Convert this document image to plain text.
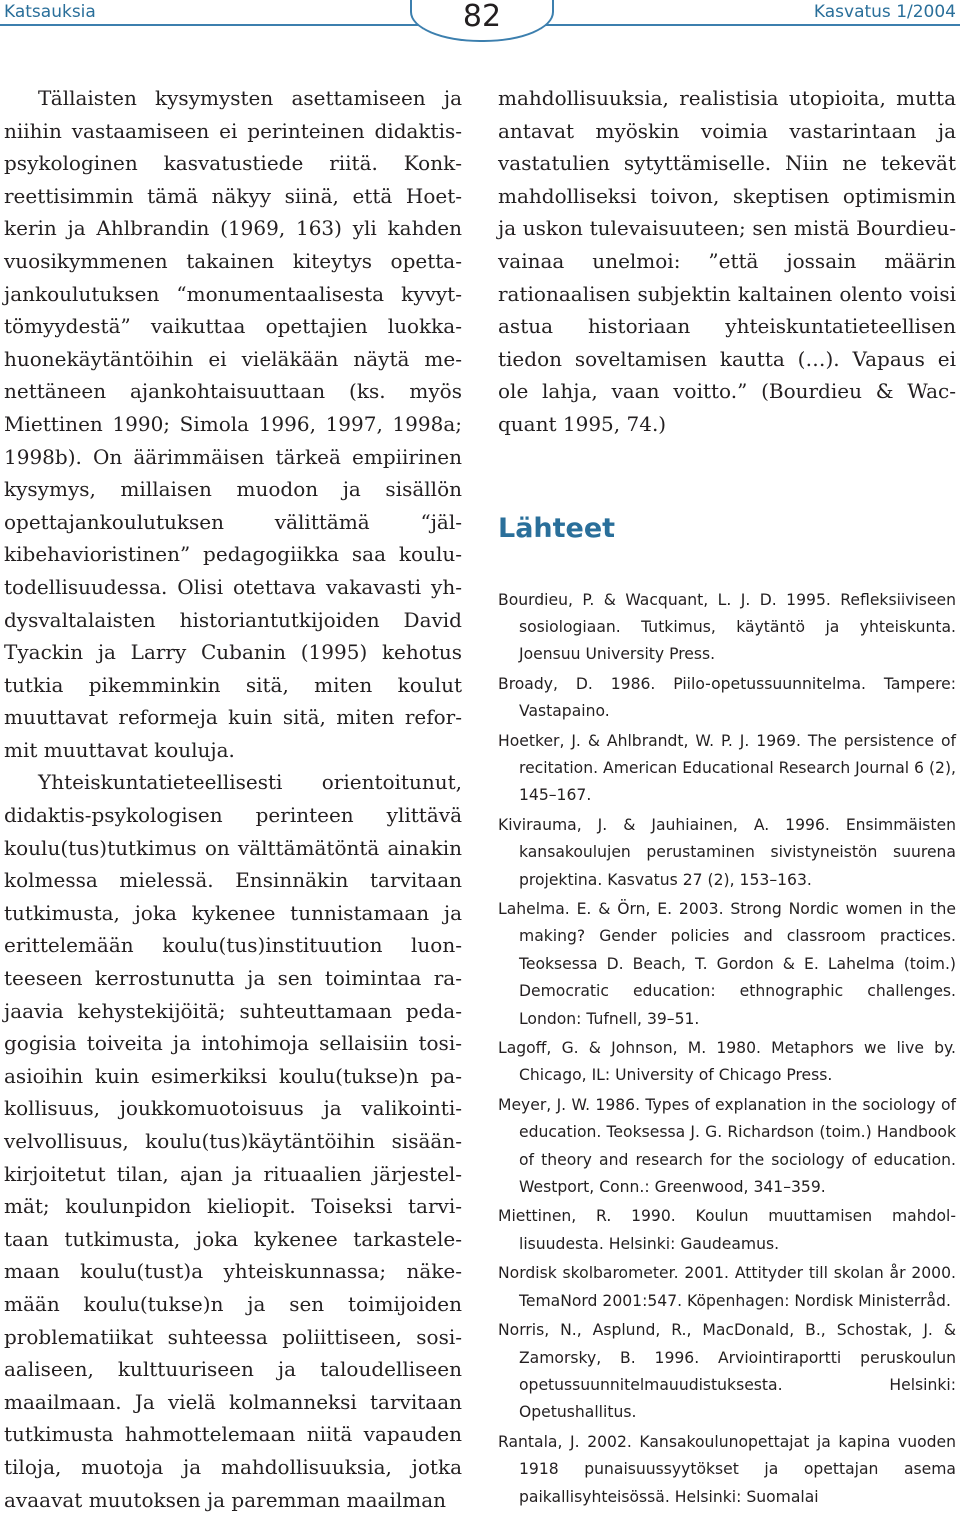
Katsauksia	82	Kasvatus 1/2004

Tällaisten kysymysten asettamiseen ja niihin vastaamiseen ei perinteinen didaktis-psykologinen kasvatustiede riitä. Konkreettisimmin tämä näkyy siinä, että Hoetkerin ja Ahlbrandin (1969, 163) yli kahden vuosikymmenen takainen kiteytys opettajankoulutuksen “monumentaalisesta kyvyttömyydestä” vaikuttaa opettajien luokkahuonekäytäntöihin ei vieläkään näytä menettäneen ajankohtaisuuttaan (ks. myös Miettinen 1990; Simola 1996, 1997, 1998a; 1998b). On äärimmäisen tärkeä empiirinen kysymys, millaisen muodon ja sisällön opettajankoulutuksen välittämä “jälkibehavioristinen” pedagogiikka saa koulutodellisuudessa. Olisi otettava vakavasti yhdysvaltalaisten historiantutkijoiden David Tyackin ja Larry Cubanin (1995) kehotus tutkia pikemminkin sitä, miten koulut muuttavat reformeja kuin sitä, miten reformit muuttavat kouluja.

Yhteiskuntatieteellisesti orientoitunut, didaktis-psykologisen perinteen ylittävä koulu(tus)tutkimus on välttämätöntä ainakin kolmessa mielessä. Ensinnäkin tarvitaan tutkimusta, joka kykenee tunnistamaan ja erittelemään koulu(tus)instituution luonteeseen kerrostunutta ja sen toimintaa rajaavia kehystekijöitä; suhteuttamaan pedagogisia toiveita ja intohimoja sellaisiin tosiasioihin kuin esimerkiksi koulu(tukse)n pakollisuus, joukkomuotoisuus ja valikointivelvollisuus, koulu(tus)käytäntöihin sisäänkirjoitetut tilan, ajan ja rituaalien järjestelmät; koulunpidon kieliopit. Toiseksi tarvitaan tutkimusta, joka kykenee tarkastelemaan koulu(tust)a yhteiskunnassa; näkemään koulu(tukse)n ja sen toimijoiden problematiikat suhteessa poliittiseen, sosiaaliseen, kulttuuriseen ja taloudelliseen maailmaan. Ja vielä kolmanneksi tarvitaan tutkimusta hahmottelemaan niitä vapauden tiloja, muotoja ja mahdollisuuksia, jotka avaavat muutoksen ja paremman maailman

mahdollisuuksia, realistisia utopioita, mutta antavat myöskin voimia vastarintaan ja vastatulien sytyttämiselle. Niin ne tekevät mahdolliseksi toivon, skeptisen optimismin ja uskon tulevaisuuteen; sen mistä Bourdieu-vainaa unelmoi: ”että jossain määrin rationaalisen subjektin kaltainen olento voisi astua historiaan yhteiskuntatieteellisen tiedon soveltamisen kautta (…). Vapaus ei ole lahja, vaan voitto.” (Bourdieu & Wacquant 1995, 74.)

Lähteet
Bourdieu, P. & Wacquant, L. J. D. 1995. Refleksiiviseen sosiologiaan. Tutkimus, käytäntö ja yhteiskunta. Joensuu University Press.
Broady, D. 1986. Piilo-opetussuunnitelma. Tampere: Vastapaino.
Hoetker, J. & Ahlbrandt, W. P. J. 1969. The persistence of recitation. American Educational Research Journal 6 (2), 145–167.
Kivirauma, J. & Jauhiainen, A. 1996. Ensimmäisten kansakoulujen perustaminen sivistyneistön suurena projektina. Kasvatus 27 (2), 153–163.
Lahelma. E. & Örn, E. 2003. Strong Nordic women in the making? Gender policies and classroom practices. Teoksessa D. Beach, T. Gordon & E. Lahelma (toim.) Democratic education: ethnographic challenges. London: Tufnell, 39–51.
Lagoff, G. & Johnson, M. 1980. Metaphors we live by. Chicago, IL: University of Chicago Press.
Meyer, J. W. 1986. Types of explanation in the sociology of education. Teoksessa J. G. Richardson (toim.) Handbook of theory and research for the sociology of education. Westport, Conn.: Greenwood, 341–359.
Miettinen, R. 1990. Koulun muuttamisen mahdollisuudesta. Helsinki: Gaudeamus.
Nordisk skolbarometer. 2001. Attityder till skolan år 2000. TemaNord 2001:547. Köpenhagen: Nordisk Ministerråd.
Norris, N., Asplund, R., MacDonald, B., Schostak, J. & Zamorsky, B. 1996. Arviointiraportti peruskoulun opetussuunnitelmauudistuksesta. Helsinki: Opetushallitus.
Rantala, J. 2002. Kansakoulunopettajat ja kapina vuoden 1918 punaisuussyytökset ja opettajan asema paikallisyhteisössä. Helsinki: Suomalai
